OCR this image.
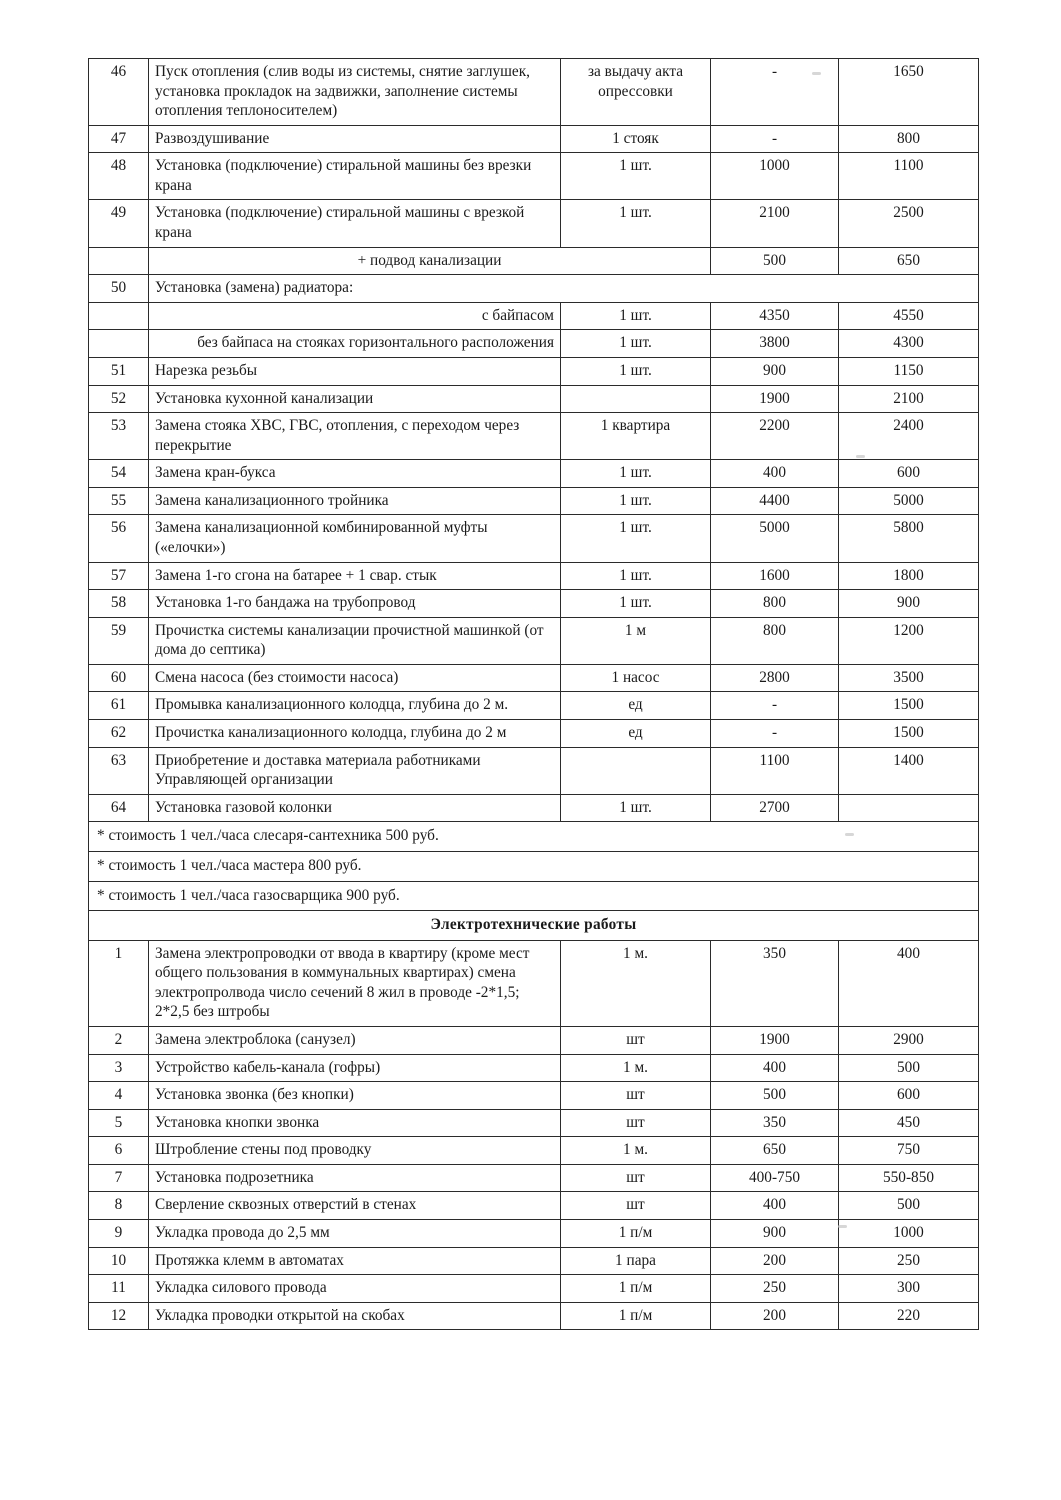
46	Пуск отопления (слив воды из системы, снятие заглушек, установка прокладок на задвижки, заполнение системы отопления теплоносителем)	за выдачу акта опрессовки	-	1650
47	Развоздушивание	1 стояк	-	800
48	Установка (подключение) стиральной машины без врезки крана	1 шт.	1000	1100
49	Установка (подключение) стиральной машины с врезкой крана	1 шт.	2100	2500
	+ подвод канализации		500	650
50	Установка (замена) радиатора:			
	с байпасом	1 шт.	4350	4550
	без байпаса на стояках горизонтального расположения	1 шт.	3800	4300
51	Нарезка резьбы	1 шт.	900	1150
52	Установка кухонной канализации		1900	2100
53	Замена стояка ХВС, ГВС, отопления, с переходом через перекрытие	1 квартира	2200	2400
54	Замена кран-букса	1 шт.	400	600
55	Замена канализационного тройника	1 шт.	4400	5000
56	Замена канализационной комбинированной муфты («елочки»)	1 шт.	5000	5800
57	Замена 1-го сгона на батарее + 1 свар. стык	1 шт.	1600	1800
58	Установка 1-го бандажа на трубопровод	1 шт.	800	900
59	Прочистка системы канализации прочистной машинкой (от дома до септика)	1 м	800	1200
60	Смена насоса (без стоимости насоса)	1 насос	2800	3500
61	Промывка канализационного колодца, глубина до 2 м.	ед	-	1500
62	Прочистка канализационного колодца, глубина до 2 м	ед	-	1500
63	Приобретение и доставка материала работниками Управляющей организации		1100	1400
64	Установка газовой колонки	1 шт.	2700	
* стоимость 1 чел./часа слесаря-сантехника 500 руб.				
* стоимость 1 чел./часа мастера 800 руб.				
* стоимость 1 чел./часа газосварщика 900 руб.				
Электротехнические работы				
1	Замена электропроводки от ввода в квартиру (кроме мест общего пользования в коммунальных квартирах) смена электропролвода число сечений 8 жил в проводе -2*1,5; 2*2,5 без штробы	1 м.	350	400
2	Замена электроблока (санузел)	шт	1900	2900
3	Устройство кабель-канала (гофры)	1 м.	400	500
4	Установка звонка (без кнопки)	шт	500	600
5	Установка кнопки звонка	шт	350	450
6	Штробление стены под проводку	1 м.	650	750
7	Установка подрозетника	шт	400-750	550-850
8	Сверление сквозных отверстий в стенах	шт	400	500
9	Укладка провода до 2,5 мм	1 п/м	900	1000
10	Протяжка клемм в автоматах	1 пара	200	250
11	Укладка силового провода	1 п/м	250	300
12	Укладка проводки открытой на скобах	1 п/м	200	220
